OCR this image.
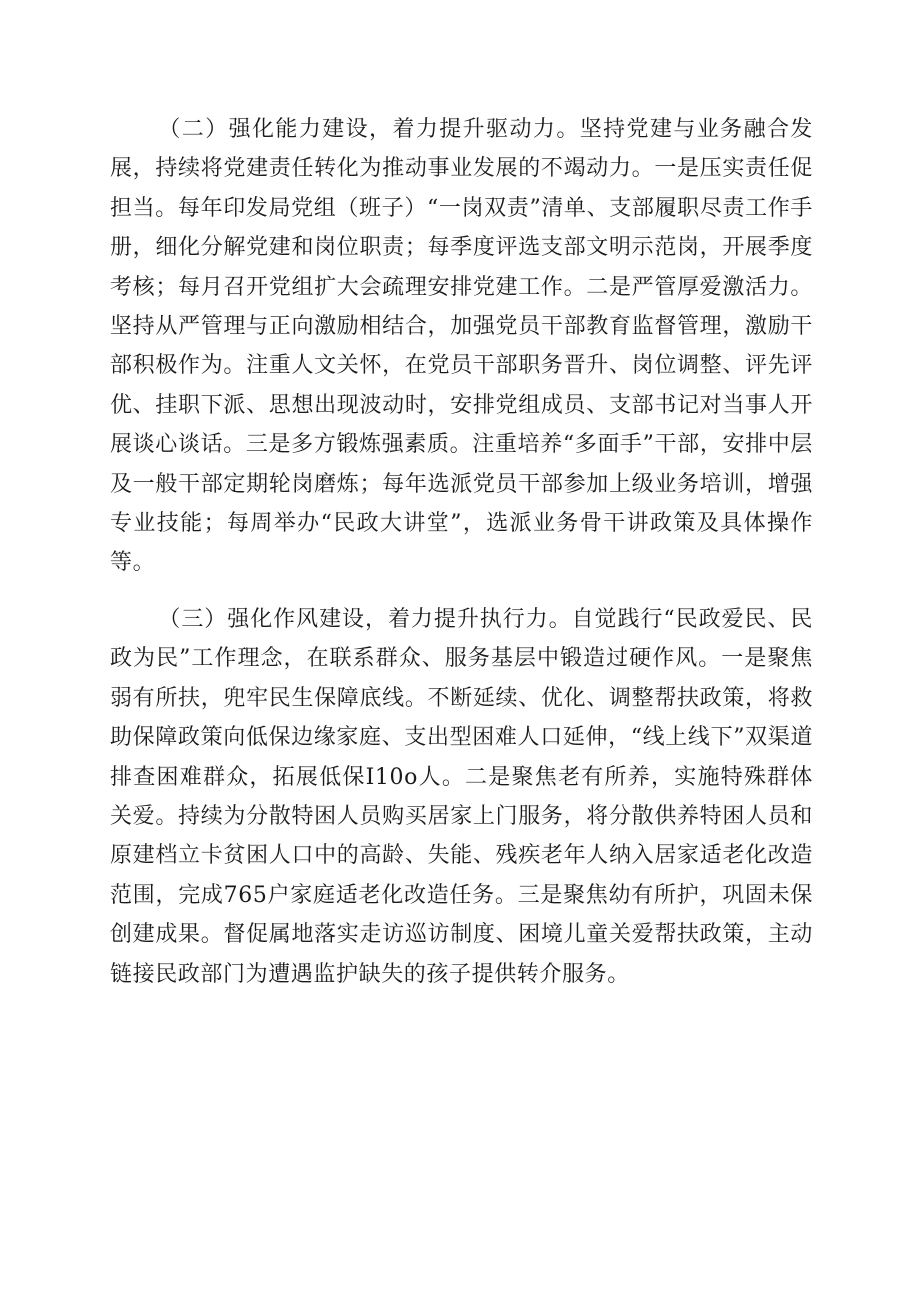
（二）强化能力建设，着力提升驱动力。坚持党建与业务融合发展，持续将党建责任转化为推动事业发展的不竭动力。一是压实责任促担当。每年印发局党组（班子）“一岗双责”清单、支部履职尽责工作手册，细化分解党建和岗位职责；每季度评选支部文明示范岗，开展季度考核；每月召开党组扩大会疏理安排党建工作。二是严管厚爱激活力。坚持从严管理与正向激励相结合，加强党员干部教育监督管理，激励干部积极作为。注重人文关怀，在党员干部职务晋升、岗位调整、评先评优、挂职下派、思想出现波动时，安排党组成员、支部书记对当事人开展谈心谈话。三是多方锻炼强素质。注重培养“多面手”干部，安排中层及一般干部定期轮岗磨炼；每年选派党员干部参加上级业务培训，增强专业技能；每周举办“民政大讲堂”，选派业务骨干讲政策及具体操作等。

（三）强化作风建设，着力提升执行力。自觉践行“民政爱民、民政为民”工作理念，在联系群众、服务基层中锻造过硬作风。一是聚焦弱有所扶，兜牢民生保障底线。不断延续、优化、调整帮扶政策，将救助保障政策向低保边缘家庭、支出型困难人口延伸，“线上线下”双渠道排查困难群众，拓展低保I10o人。二是聚焦老有所养，实施特殊群体关爱。持续为分散特困人员购买居家上门服务，将分散供养特困人员和原建档立卡贫困人口中的高龄、失能、残疾老年人纳入居家适老化改造范围，完成765户家庭适老化改造任务。三是聚焦幼有所护，巩固未保创建成果。督促属地落实走访巡访制度、困境儿童关爱帮扶政策，主动链接民政部门为遭遇监护缺失的孩子提供转介服务。
